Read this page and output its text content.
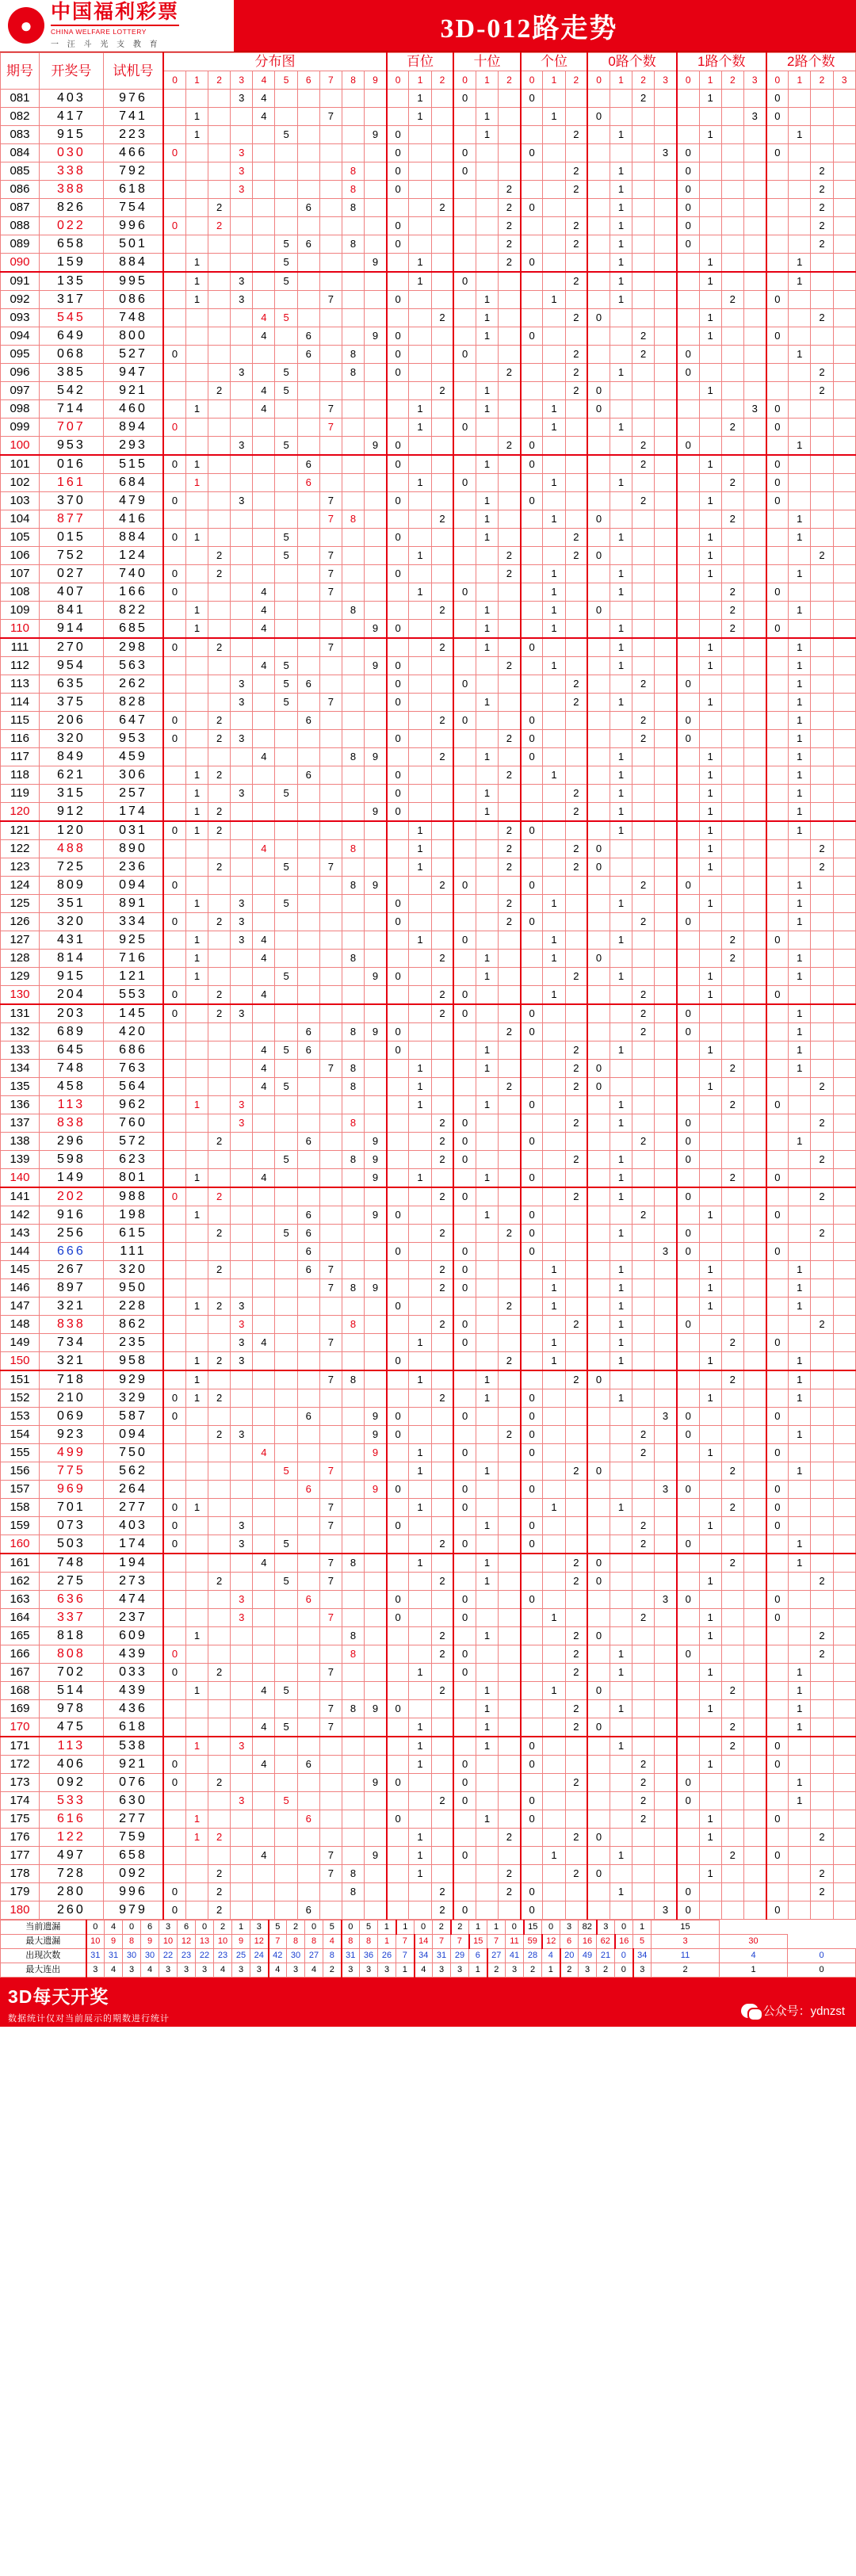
●
中国福利彩票
CHINA WELFARE LOTTERY
一 汪 斗 光 支 教 育
3D-012路走势
期号	开奖号	试机号	分布图										百位			十位			个位			0路个数				1路个数				2路个数			
			0	1	2	3	4	5	6	7	8	9	0	1	2	0	1	2	0	1	2	0	1	2	3	0	1	2	3	0	1	2	3
081	403	976				3	4							1		0			0					2			1			0			
082	417	741		1			4			7				1			1			1		0							3	0			
083	915	223		1				5				9	0				1				2		1				1				1		
084	030	466	0			3							0			0			0						3	0				0			
085	338	792				3					8		0			0					2		1			0						2	
086	388	618				3					8		0					2			2		1			0						2	
087	826	754			2				6		8				2			2	0				1			0						2	
088	022	996	0		2								0					2			2		1			0						2	
089	658	501						5	6		8		0					2			2		1			0						2	
090	159	884		1				5				9		1				2	0				1				1				1		
091	135	995		1		3		5						1		0					2		1				1				1		
092	317	086		1		3				7			0				1			1			1					2		0			
093	545	748					4	5							2		1				2	0					1					2	
094	649	800					4		6			9	0				1		0					2			1			0			
095	068	527	0						6		8		0			0					2			2		0					1		
096	385	947				3		5			8		0					2			2		1			0						2	
097	542	921			2		4	5							2		1				2	0					1					2	
098	714	460		1			4			7				1			1			1		0							3	0			
099	707	894	0							7				1		0				1			1					2		0			
100	953	293				3		5				9	0					2	0					2		0					1		
101	016	515	0	1					6				0				1		0					2			1			0			
102	161	684		1					6					1		0				1			1					2		0			
103	370	479	0			3				7			0				1		0					2			1			0			
104	877	416								7	8				2		1			1		0						2			1		
105	015	884	0	1				5					0				1				2		1				1				1		
106	752	124			2			5		7				1				2			2	0					1					2	
107	027	740	0		2					7			0					2		1			1				1				1		
108	407	166	0				4			7				1		0				1			1					2		0			
109	841	822		1			4				8				2		1			1		0						2			1		
110	914	685		1			4					9	0				1			1			1					2		0			
111	270	298	0		2					7					2		1		0				1				1				1		
112	954	563					4	5				9	0					2		1			1				1				1		
113	635	262				3		5	6				0			0					2			2		0					1		
114	375	828				3		5		7			0				1				2		1				1				1		
115	206	647	0		2				6						2	0			0					2		0					1		
116	320	953	0		2	3							0					2	0					2		0					1		
117	849	459					4				8	9			2		1		0				1				1				1		
118	621	306		1	2				6				0					2		1			1				1				1		
119	315	257		1		3		5					0				1				2		1				1				1		
120	912	174		1	2							9	0				1				2		1				1				1		
121	120	031	0	1	2									1				2	0				1				1				1		
122	488	890					4				8			1				2			2	0					1					2	
123	725	236			2			5		7				1				2			2	0					1					2	
124	809	094	0								8	9			2	0			0					2		0					1		
125	351	891		1		3		5					0					2		1			1				1				1		
126	320	334	0		2	3							0					2	0					2		0					1		
127	431	925		1		3	4							1		0				1			1					2		0			
128	814	716		1			4				8				2		1			1		0						2			1		
129	915	121		1				5				9	0				1				2		1				1				1		
130	204	553	0		2		4								2	0				1				2			1			0			
131	203	145	0		2	3									2	0			0					2		0					1		
132	689	420							6		8	9	0					2	0					2		0					1		
133	645	686					4	5	6				0				1				2		1				1				1		
134	748	763					4			7	8			1			1				2	0						2			1		
135	458	564					4	5			8			1				2			2	0					1					2	
136	113	962		1		3								1			1		0				1					2		0			
137	838	760				3					8				2	0					2		1			0						2	
138	296	572			2				6			9			2	0			0					2		0					1		
139	598	623						5			8	9			2	0					2		1			0						2	
140	149	801		1			4					9		1			1		0				1					2		0			
141	202	988	0		2										2	0					2		1			0						2	
142	916	198		1					6			9	0				1		0					2			1			0			
143	256	615			2			5	6						2			2	0				1			0						2	
144	666	111							6				0			0			0						3	0				0			
145	267	320			2				6	7					2	0				1			1				1				1		
146	897	950								7	8	9			2	0				1			1				1				1		
147	321	228		1	2	3							0					2		1			1				1				1		
148	838	862				3					8				2	0					2		1			0						2	
149	734	235				3	4			7				1		0				1			1					2		0			
150	321	958		1	2	3							0					2		1			1				1				1		
151	718	929		1						7	8			1			1				2	0						2			1		
152	210	329	0	1	2										2		1		0				1				1				1		
153	069	587	0						6			9	0			0			0						3	0				0			
154	923	094			2	3						9	0					2	0					2		0					1		
155	499	750					4					9		1		0			0					2			1			0			
156	775	562						5		7				1			1				2	0						2			1		
157	969	264							6			9	0			0			0						3	0				0			
158	701	277	0	1						7				1		0				1			1					2		0			
159	073	403	0			3				7			0				1		0					2			1			0			
160	503	174	0			3		5							2	0			0					2		0					1		
161	748	194					4			7	8			1			1				2	0						2			1		
162	275	273			2			5		7					2		1				2	0					1					2	
163	636	474				3			6				0			0			0						3	0				0			
164	337	237				3				7			0			0				1				2			1			0			
165	818	609		1							8				2		1				2	0					1					2	
166	808	439	0								8				2	0					2		1			0						2	
167	702	033	0		2					7				1		0					2		1				1				1		
168	514	439		1			4	5							2		1			1		0						2			1		
169	978	436								7	8	9	0				1				2		1				1				1		
170	475	618					4	5		7				1			1				2	0						2			1		
171	113	538		1		3								1			1		0				1					2		0			
172	406	921	0				4		6					1		0			0					2			1			0			
173	092	076	0		2							9	0			0					2			2		0					1		
174	533	630				3		5							2	0			0					2		0					1		
175	616	277		1					6				0				1		0					2			1			0			
176	122	759		1	2									1				2			2	0					1					2	
177	497	658					4			7		9		1		0				1			1					2		0			
178	728	092			2					7	8			1				2			2	0					1					2	
179	280	996	0		2						8				2			2	0				1			0						2	
180	260	979	0		2				6						2	0			0						3	0				0			
当前遗漏	0	4	0	6	3	6	0	2	1	3	5	2	0	5	0	5	1	1	0	2	2	1	1	0	15	0	3	82	3	0	1	15		
最大遗漏	10	9	8	9	10	12	13	10	9	12	7	8	8	4	8	8	1	7	14	7	7	15	7	11	59	12	6	16	62	16	5	3	30	
出现次数	31	31	30	30	22	23	22	23	25	24	42	30	27	8	31	36	26	7	34	31	29	6	27	41	28	4	20	49	21	0	34	11	4	0
最大连出	3	4	3	4	3	3	3	4	3	3	4	3	4	2	3	3	3	1	4	3	3	1	2	3	2	1	2	3	2	0	3	2	1	0
3D每天开奖
数据统计仅对当前展示的期数进行统计
公众号：ydnzst
